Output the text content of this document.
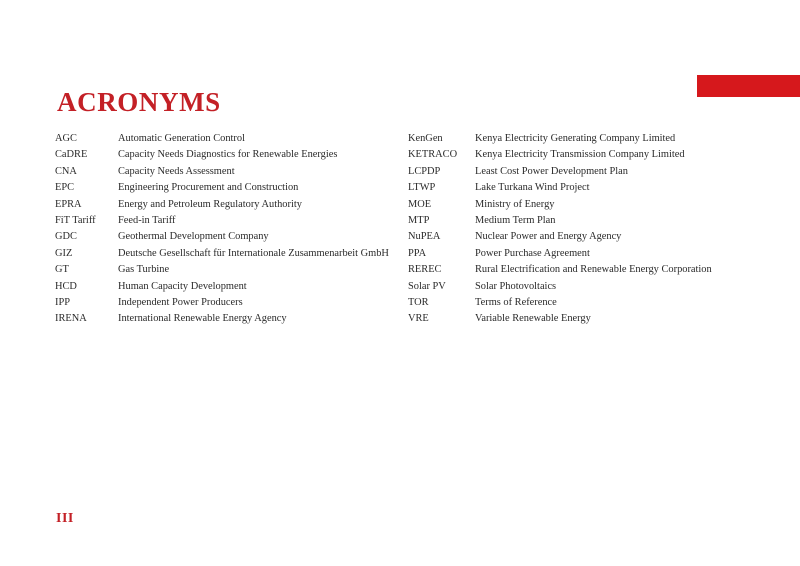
ACRONYMS
AGC	Automatic Generation Control
CaDRE	Capacity Needs Diagnostics for Renewable Energies
CNA	Capacity Needs Assessment
EPC	Engineering Procurement and Construction
EPRA	Energy and Petroleum Regulatory Authority
FiT Tariff	Feed-in Tariff
GDC	Geothermal Development Company
GIZ	Deutsche Gesellschaft für Internationale Zusammenarbeit GmbH
GT	Gas Turbine
HCD	Human Capacity Development
IPP	Independent Power Producers
IRENA	International Renewable Energy Agency
KenGen	Kenya Electricity Generating Company Limited
KETRACO	Kenya Electricity Transmission Company Limited
LCPDP	Least Cost Power Development Plan
LTWP	Lake Turkana Wind Project
MOE	Ministry of Energy
MTP	Medium Term Plan
NuPEA	Nuclear Power and Energy Agency
PPA	Power Purchase Agreement
REREC	Rural Electrification and Renewable Energy Corporation
Solar PV	Solar Photovoltaics
TOR	Terms of Reference
VRE	Variable Renewable Energy
III
